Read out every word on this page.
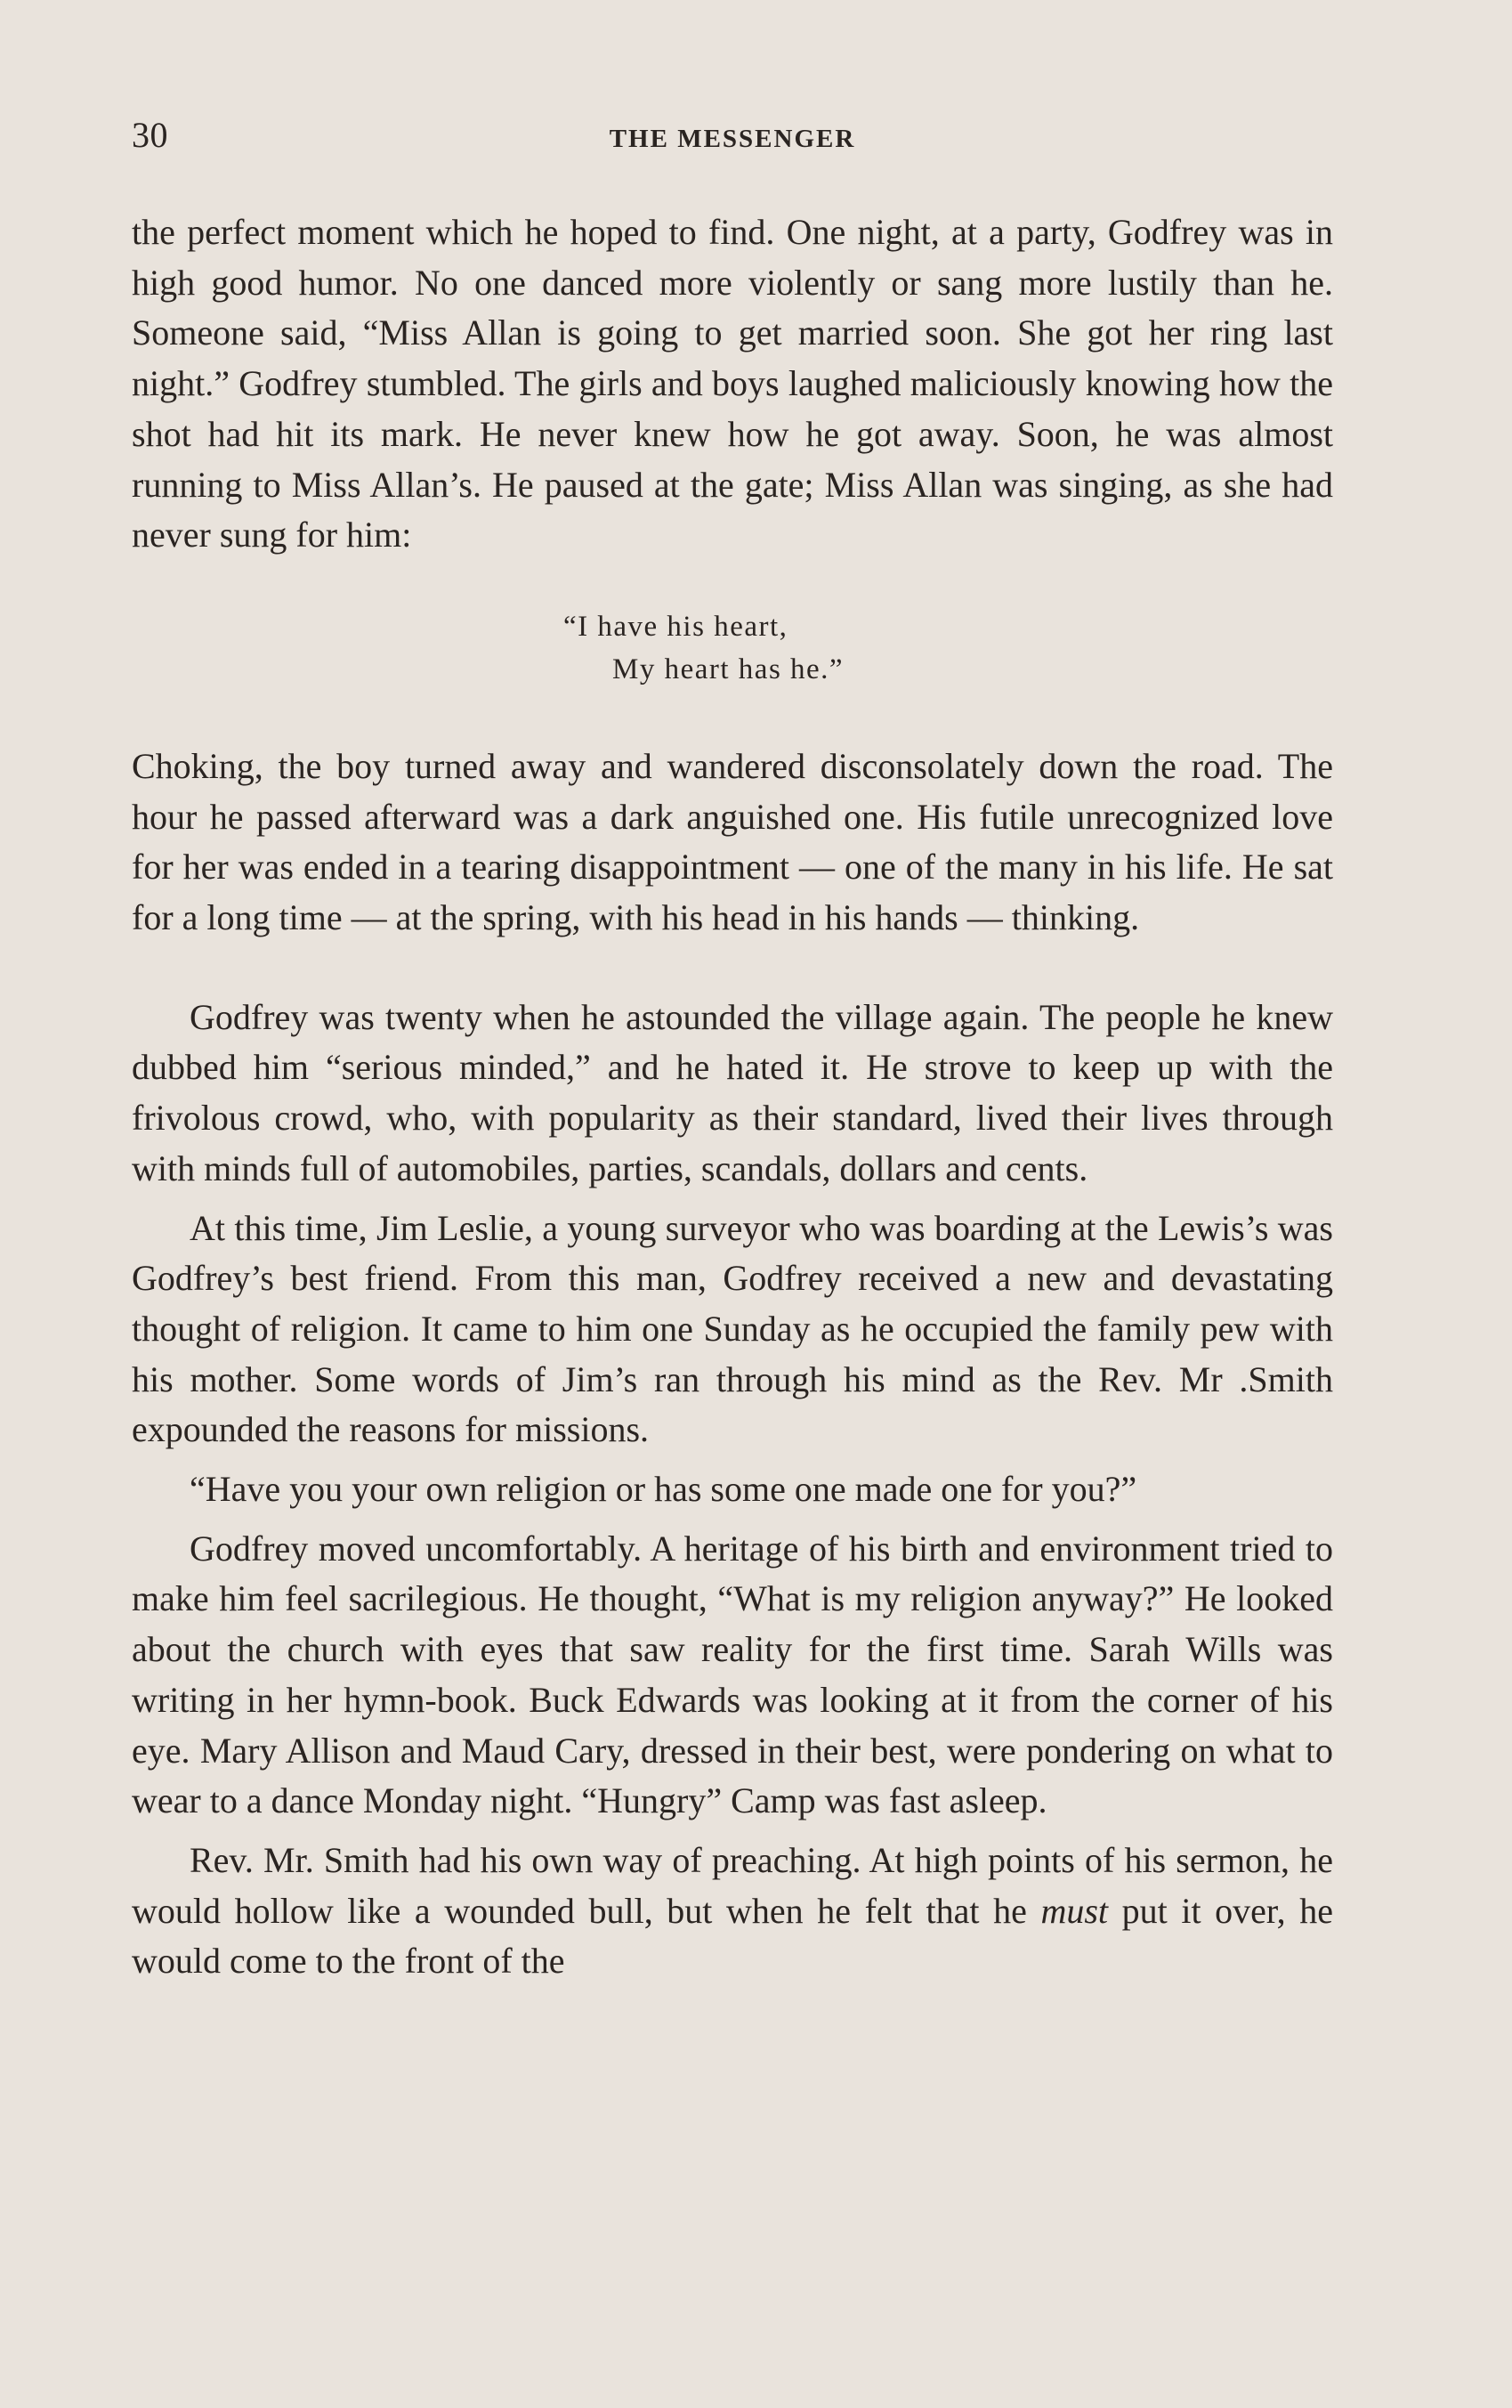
30	THE MESSENGER

the perfect moment which he hoped to find. One night, at a party, Godfrey was in high good humor. No one danced more violently or sang more lustily than he. Someone said, “Miss Allan is going to get married soon. She got her ring last night.” Godfrey stumbled. The girls and boys laughed maliciously knowing how the shot had hit its mark. He never knew how he got away. Soon, he was almost running to Miss Allan’s. He paused at the gate; Miss Allan was singing, as she had never sung for him:

“I have his heart,
My heart has he.”

Choking, the boy turned away and wandered disconsolately down the road. The hour he passed afterward was a dark anguished one. His futile unrecognized love for her was ended in a tearing disappointment — one of the many in his life. He sat for a long time — at the spring, with his head in his hands — thinking.

Godfrey was twenty when he astounded the village again. The people he knew dubbed him “serious minded,” and he hated it. He strove to keep up with the frivolous crowd, who, with popularity as their standard, lived their lives through with minds full of automobiles, parties, scandals, dollars and cents.

At this time, Jim Leslie, a young surveyor who was boarding at the Lewis’s was Godfrey’s best friend. From this man, Godfrey received a new and devastating thought of religion. It came to him one Sunday as he occupied the family pew with his mother. Some words of Jim’s ran through his mind as the Rev. Mr .Smith expounded the reasons for missions.

“Have you your own religion or has some one made one for you?”

Godfrey moved uncomfortably. A heritage of his birth and environment tried to make him feel sacrilegious. He thought, “What is my religion anyway?” He looked about the church with eyes that saw reality for the first time. Sarah Wills was writing in her hymn-book. Buck Edwards was looking at it from the corner of his eye. Mary Allison and Maud Cary, dressed in their best, were pondering on what to wear to a dance Monday night. “Hungry” Camp was fast asleep.

Rev. Mr. Smith had his own way of preaching. At high points of his sermon, he would hollow like a wounded bull, but when he felt that he must put it over, he would come to the front of the
